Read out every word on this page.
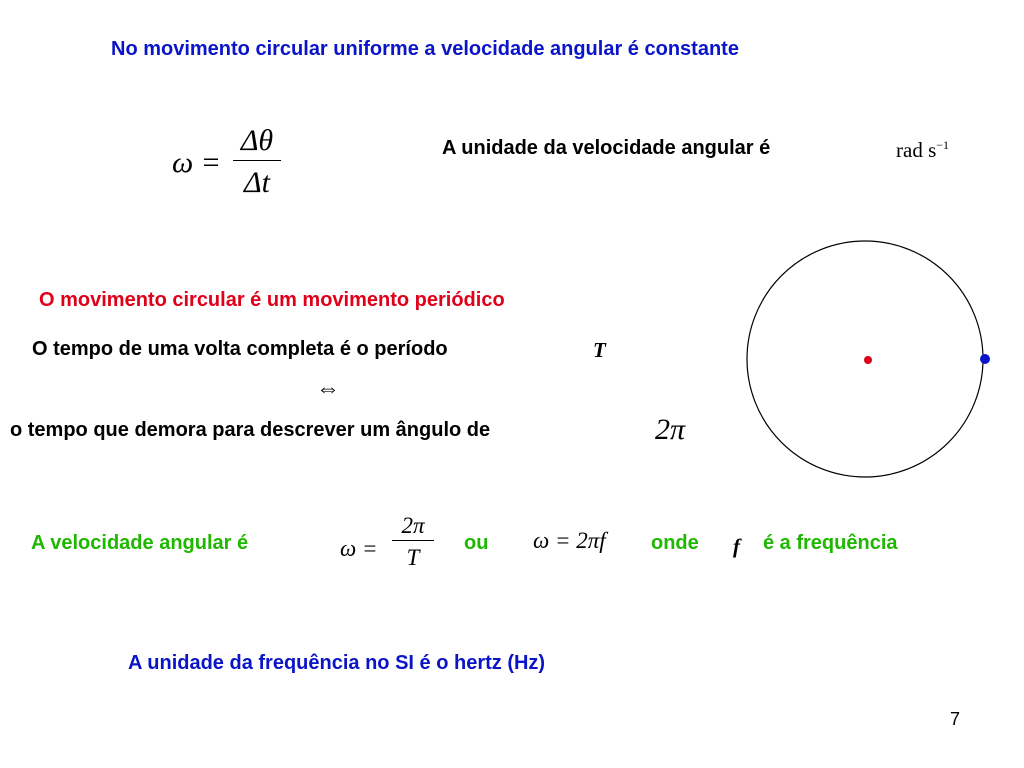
No movimento circular uniforme a velocidade angular é constante
ω =
Δθ
Δt
A unidade da velocidade angular é	rad $s^{-1}$
O movimento circular é um movimento periódico
O tempo de uma volta completa é o período	T
⇔
o tempo que demora para descrever um ângulo de	2π
A velocidade angular é	ω =
2π
T
ou ω = 2πf onde f é a frequência
A unidade da frequência no SI é o hertz (Hz)
7
